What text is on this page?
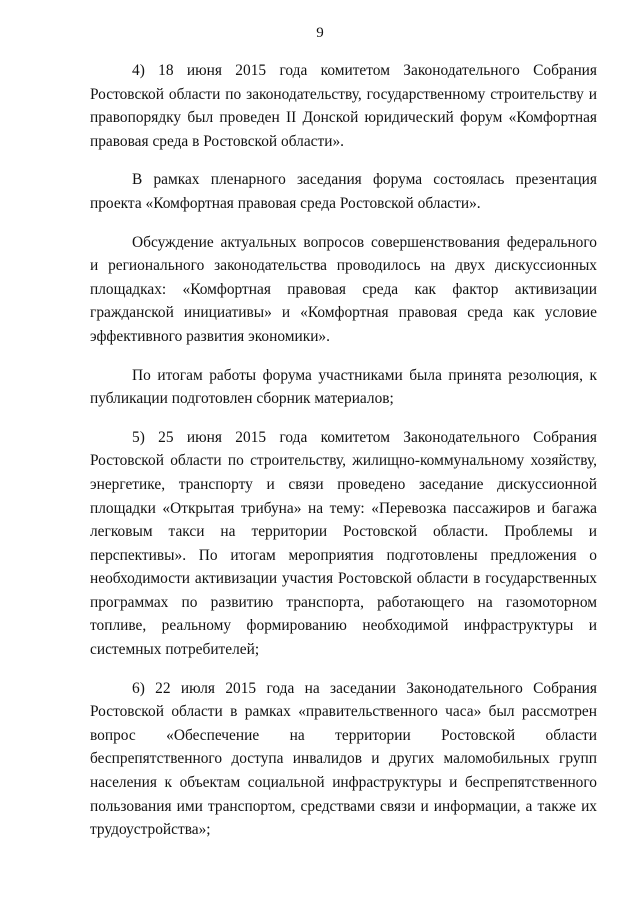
9

4) 18 июня 2015 года комитетом Законодательного Собрания Ростовской области по законодательству, государственному строительству и правопорядку был проведен II Донской юридический форум «Комфортная правовая среда в Ростовской области».

В рамках пленарного заседания форума состоялась презентация проекта «Комфортная правовая среда Ростовской области».

Обсуждение актуальных вопросов совершенствования федерального и регионального законодательства проводилось на двух дискуссионных площадках: «Комфортная правовая среда как фактор активизации гражданской инициативы» и «Комфортная правовая среда как условие эффективного развития экономики».

По итогам работы форума участниками была принята резолюция, к публикации подготовлен сборник материалов;

5) 25 июня 2015 года комитетом Законодательного Собрания Ростовской области по строительству, жилищно-коммунальному хозяйству, энергетике, транспорту и связи проведено заседание дискуссионной площадки «Открытая трибуна» на тему: «Перевозка пассажиров и багажа легковым такси на территории Ростовской области. Проблемы и перспективы». По итогам мероприятия подготовлены предложения о необходимости активизации участия Ростовской области в государственных программах по развитию транспорта, работающего на газомоторном топливе, реальному формированию необходимой инфраструктуры и системных потребителей;

6) 22 июля 2015 года на заседании Законодательного Собрания Ростовской области в рамках «правительственного часа» был рассмотрен вопрос «Обеспечение на территории Ростовской области беспрепятственного доступа инвалидов и других маломобильных групп населения к объектам социальной инфраструктуры и беспрепятственного пользования ими транспортом, средствами связи и информации, а также их трудоустройства»;
